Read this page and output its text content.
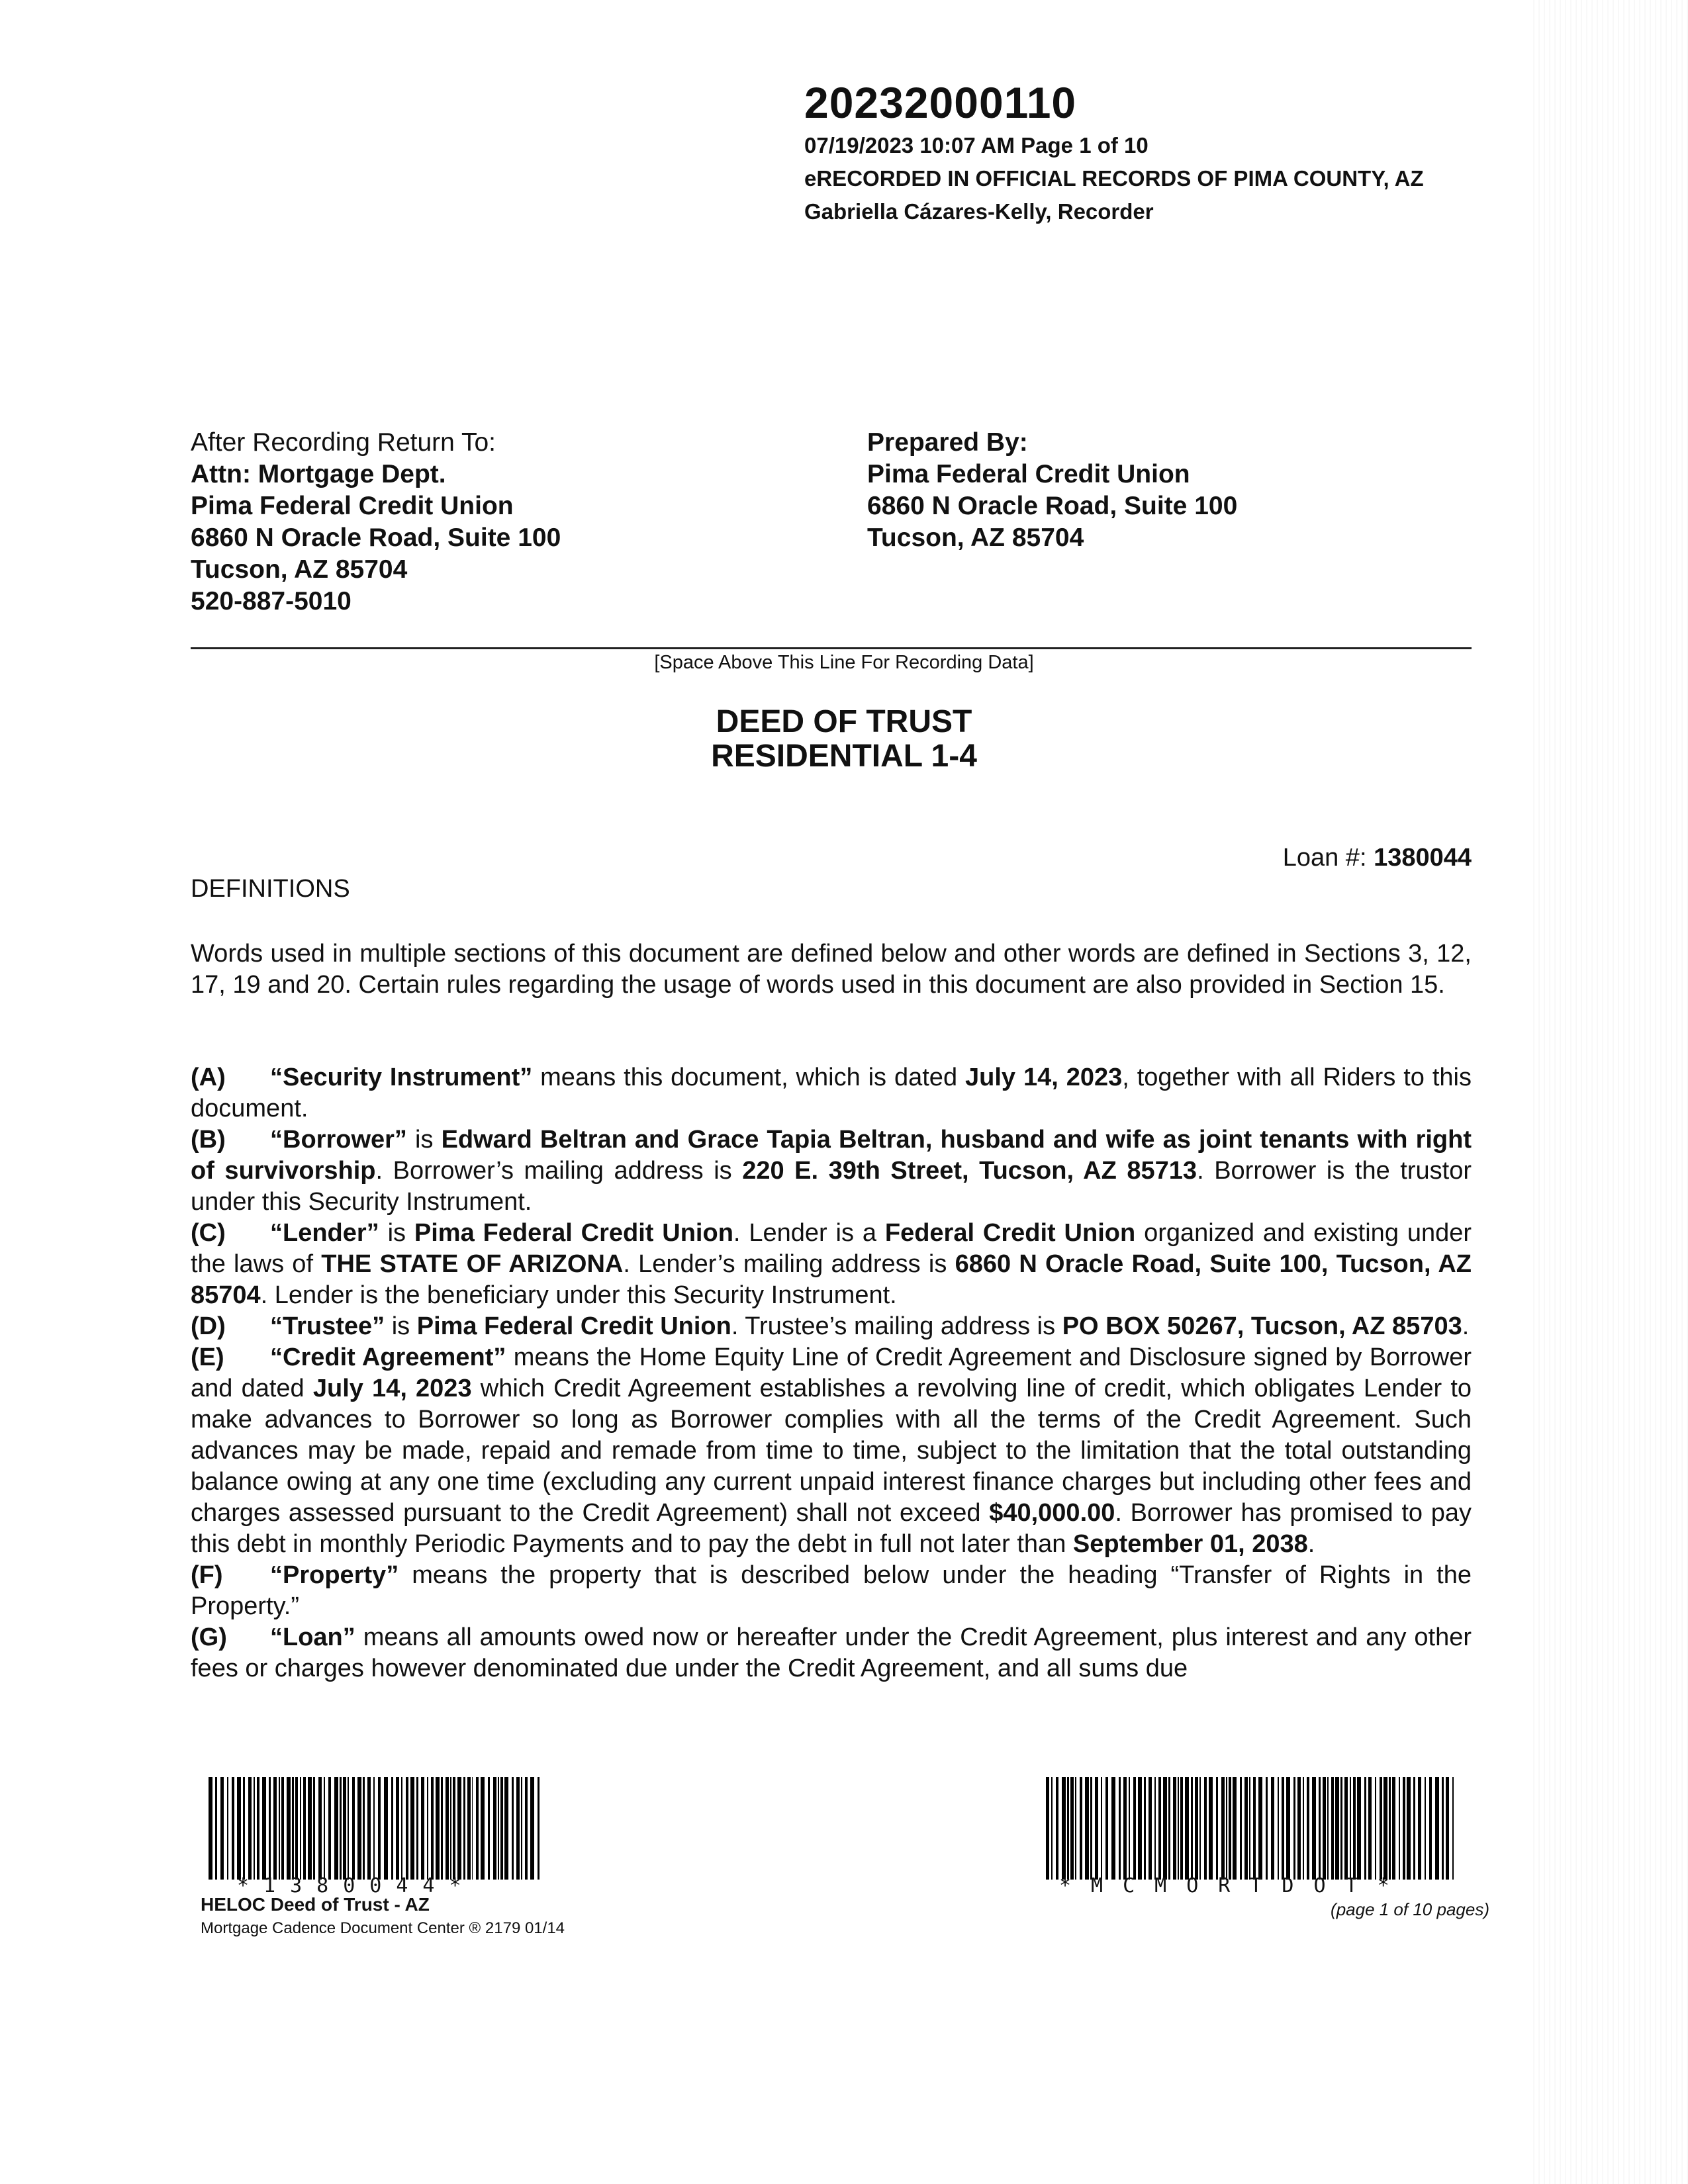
20232000110
07/19/2023 10:07 AM Page 1 of 10
eRECORDED IN OFFICIAL RECORDS OF PIMA COUNTY, AZ
Gabriella Cázares-Kelly, Recorder
After Recording Return To:
Attn: Mortgage Dept.
Pima Federal Credit Union
6860 N Oracle Road, Suite 100
Tucson, AZ 85704
520-887-5010
Prepared By:
Pima Federal Credit Union
6860 N Oracle Road, Suite 100
Tucson, AZ 85704
[Space Above This Line For Recording Data]
DEED OF TRUST
RESIDENTIAL 1-4
Loan #: 1380044
DEFINITIONS
Words used in multiple sections of this document are defined below and other words are defined in Sections 3, 12, 17, 19 and 20. Certain rules regarding the usage of words used in this document are also provided in Section 15.
(A) “Security Instrument” means this document, which is dated July 14, 2023, together with all Riders to this document.
(B) “Borrower” is Edward Beltran and Grace Tapia Beltran, husband and wife as joint tenants with right of survivorship. Borrower’s mailing address is 220 E. 39th Street, Tucson, AZ 85713. Borrower is the trustor under this Security Instrument.
(C) “Lender” is Pima Federal Credit Union. Lender is a Federal Credit Union organized and existing under the laws of THE STATE OF ARIZONA. Lender’s mailing address is 6860 N Oracle Road, Suite 100, Tucson, AZ 85704. Lender is the beneficiary under this Security Instrument.
(D) “Trustee” is Pima Federal Credit Union. Trustee’s mailing address is PO BOX 50267, Tucson, AZ 85703.
(E) “Credit Agreement” means the Home Equity Line of Credit Agreement and Disclosure signed by Borrower and dated July 14, 2023 which Credit Agreement establishes a revolving line of credit, which obligates Lender to make advances to Borrower so long as Borrower complies with all the terms of the Credit Agreement. Such advances may be made, repaid and remade from time to time, subject to the limitation that the total outstanding balance owing at any one time (excluding any current unpaid interest finance charges but including other fees and charges assessed pursuant to the Credit Agreement) shall not exceed $40,000.00. Borrower has promised to pay this debt in monthly Periodic Payments and to pay the debt in full not later than September 01, 2038.
(F) “Property” means the property that is described below under the heading “Transfer of Rights in the Property.”
(G) “Loan” means all amounts owed now or hereafter under the Credit Agreement, plus interest and any other fees or charges however denominated due under the Credit Agreement, and all sums due
*1380044*
HELOC Deed of Trust - AZ
Mortgage Cadence Document Center ® 2179 01/14
*MCMORTDOT*
(page 1 of 10 pages)
